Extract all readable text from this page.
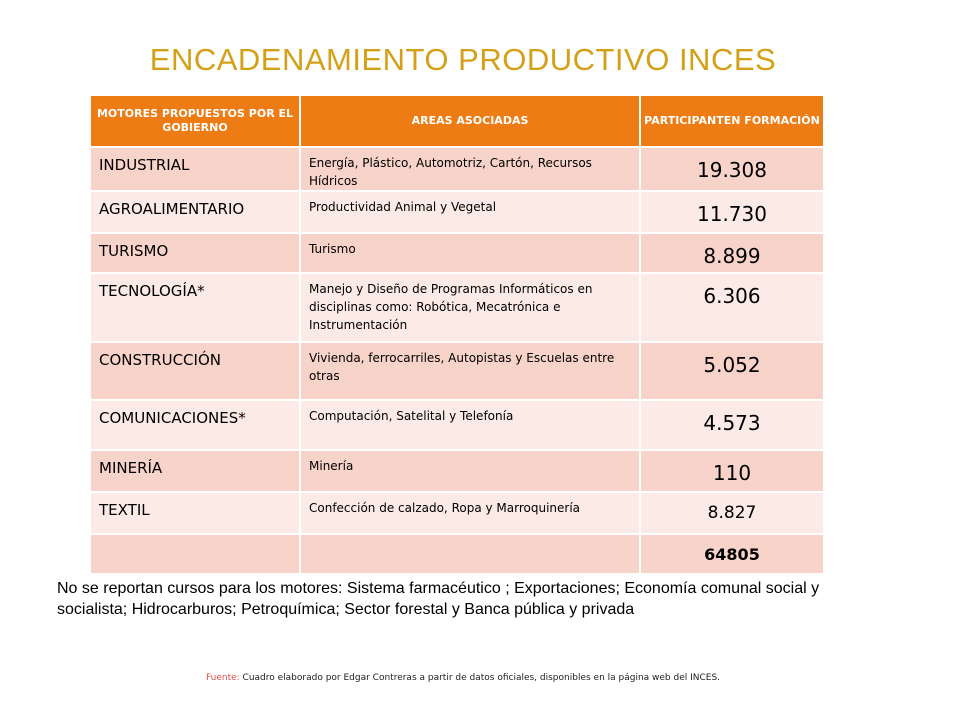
ENCADENAMIENTO PRODUCTIVO INCES
MOTORES PROPUESTOS POR EL GOBIERNO	AREAS ASOCIADAS	PARTICIPANTEN FORMACIÓN
INDUSTRIAL	Energía, Plástico, Automotriz, Cartón, Recursos Hídricos	19.308
AGROALIMENTARIO	Productividad Animal y Vegetal	11.730
TURISMO	Turismo	8.899
TECNOLOGÍA*	Manejo y Diseño de Programas Informáticos en disciplinas como: Robótica, Mecatrónica e Instrumentación	6.306
CONSTRUCCIÓN	Vivienda, ferrocarriles, Autopistas y Escuelas entre otras	5.052
COMUNICACIONES*	Computación, Satelital y Telefonía	4.573
MINERÍA	Minería	110
TEXTIL	Confección de calzado, Ropa y Marroquinería	8.827
		64805
No se reportan cursos para los motores: Sistema farmacéutico ; Exportaciones; Economía comunal social y socialista; Hidrocarburos; Petroquímica; Sector forestal y Banca pública y privada
Fuente: Cuadro elaborado por Edgar Contreras a partir de datos oficiales, disponibles en la página web del INCES.
